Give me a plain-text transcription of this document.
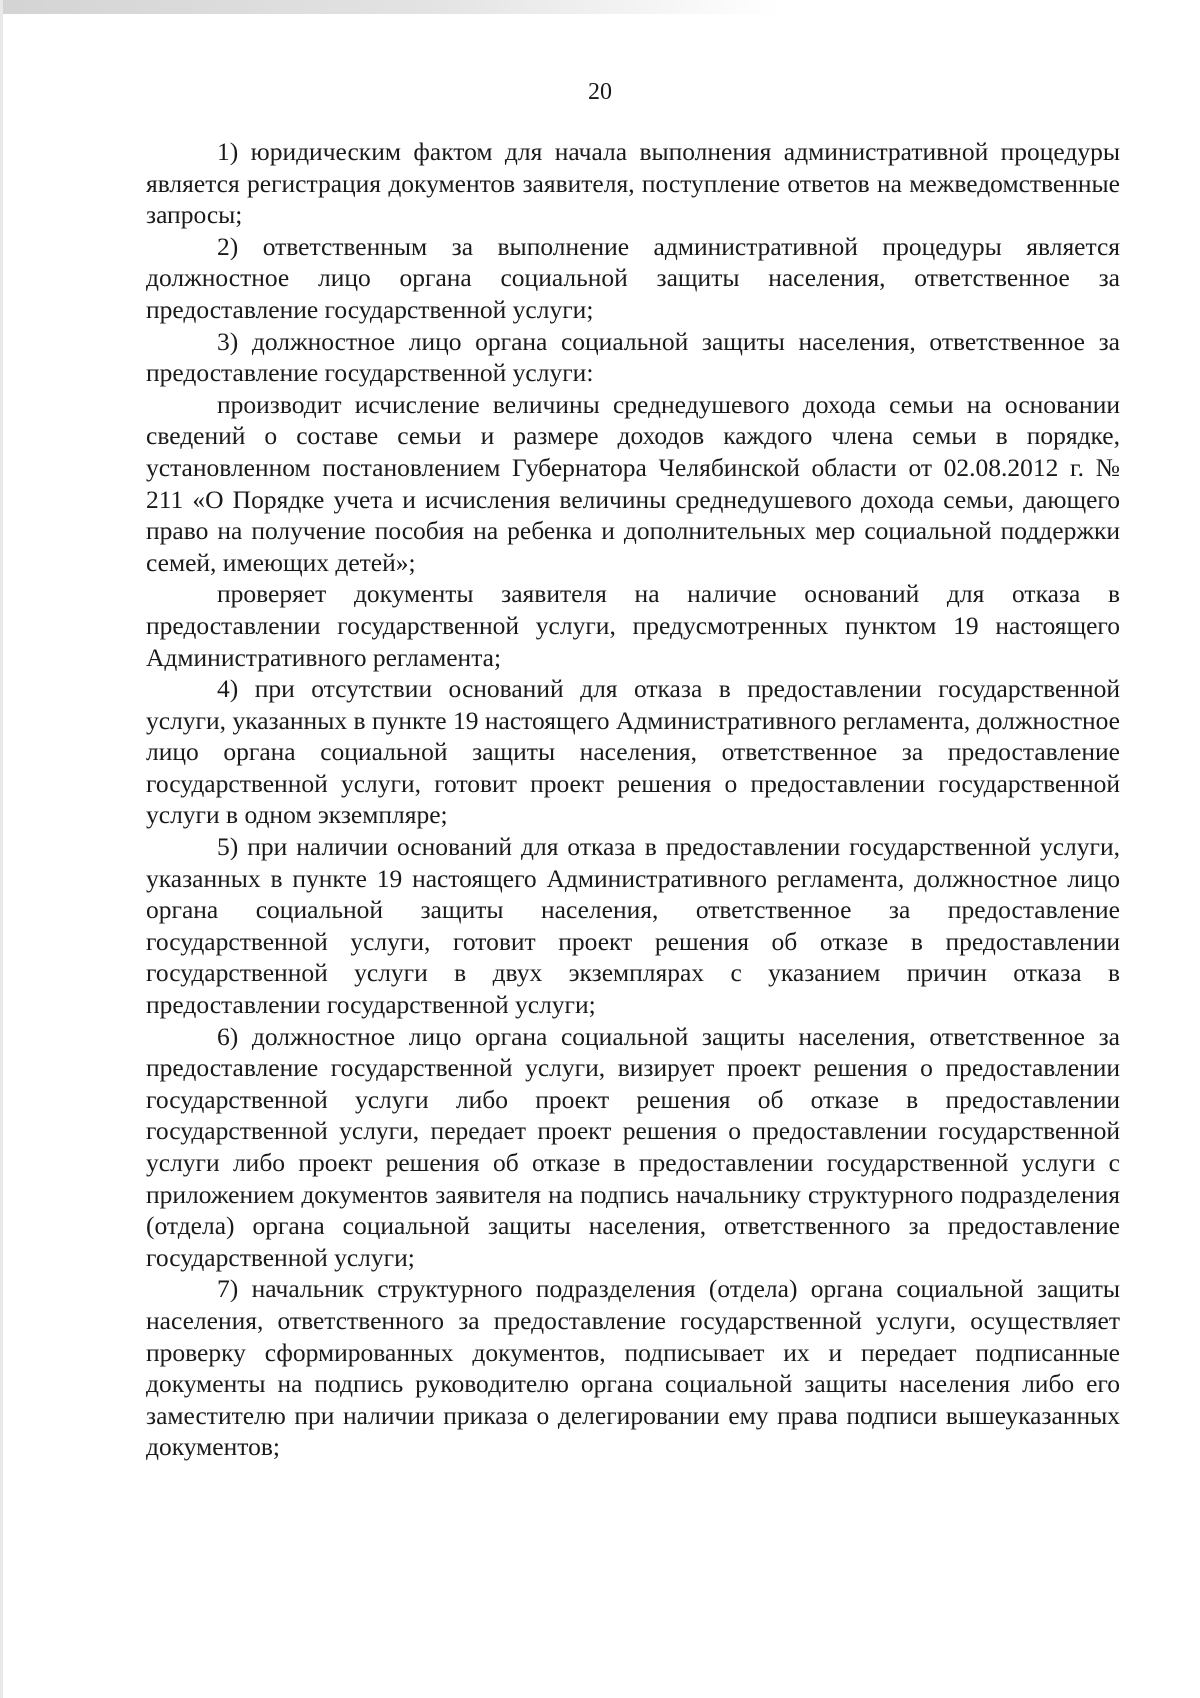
20

1) юридическим фактом для начала выполнения административной процедуры является регистрация документов заявителя, поступление ответов на межведомственные запросы;

2) ответственным за выполнение административной процедуры является должностное лицо органа социальной защиты населения, ответственное за предоставление государственной услуги;

3) должностное лицо органа социальной защиты населения, ответственное за предоставление государственной услуги:

производит исчисление величины среднедушевого дохода семьи на основании сведений о составе семьи и размере доходов каждого члена семьи в порядке, установленном постановлением Губернатора Челябинской области от 02.08.2012 г. № 211 «О Порядке учета и исчисления величины среднедушевого дохода семьи, дающего право на получение пособия на ребенка и дополнительных мер социальной поддержки семей, имеющих детей»;

проверяет документы заявителя на наличие оснований для отказа в предоставлении государственной услуги, предусмотренных пунктом 19 настоящего Административного регламента;

4) при отсутствии оснований для отказа в предоставлении государственной услуги, указанных в пункте 19 настоящего Административного регламента, должностное лицо органа социальной защиты населения, ответственное за предоставление государственной услуги, готовит проект решения о предоставлении государственной услуги в одном экземпляре;

5) при наличии оснований для отказа в предоставлении государственной услуги, указанных в пункте 19 настоящего Административного регламента, должностное лицо органа социальной защиты населения, ответственное за предоставление государственной услуги, готовит проект решения об отказе в предоставлении государственной услуги в двух экземплярах с указанием причин отказа в предоставлении государственной услуги;

6) должностное лицо органа социальной защиты населения, ответственное за предоставление государственной услуги, визирует проект решения о предоставлении государственной услуги либо проект решения об отказе в предоставлении государственной услуги, передает проект решения о предоставлении государственной услуги либо проект решения об отказе в предоставлении государственной услуги с приложением документов заявителя на подпись начальнику структурного подразделения (отдела) органа социальной защиты населения, ответственного за предоставление государственной услуги;

7) начальник структурного подразделения (отдела) органа социальной защиты населения, ответственного за предоставление государственной услуги, осуществляет проверку сформированных документов, подписывает их и передает подписанные документы на подпись руководителю органа социальной защиты населения либо его заместителю при наличии приказа о делегировании ему права подписи вышеуказанных документов;
